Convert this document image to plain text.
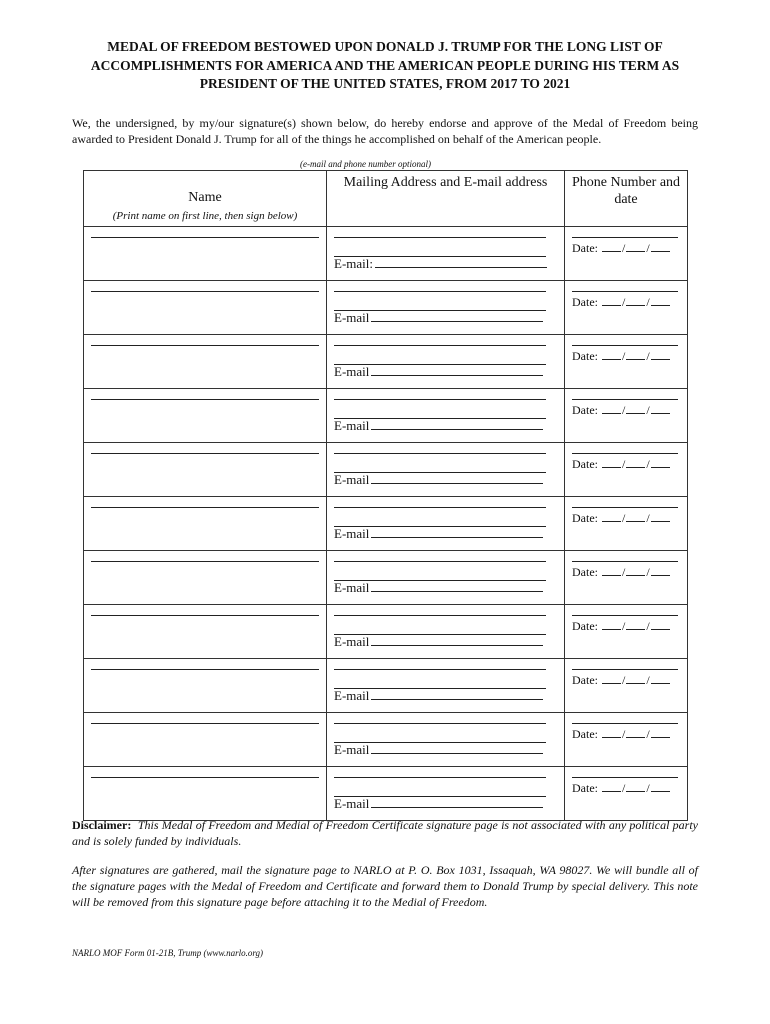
MEDAL OF FREEDOM BESTOWED UPON DONALD J. TRUMP FOR THE LONG LIST OF ACCOMPLISHMENTS FOR AMERICA AND THE AMERICAN PEOPLE DURING HIS TERM AS PRESIDENT OF THE UNITED STATES, FROM 2017 TO 2021
We, the undersigned, by my/our signature(s) shown below, do hereby endorse and approve of the Medal of Freedom being awarded to President Donald J. Trump for all of the things he accomplished on behalf of the American people.
(e-mail and phone number optional)
Name
(Print name on first line, then sign below)	Mailing Address and E-mail address	Phone Number and date

	E-mail:	Date: / /

	E-mail	Date: / /

	E-mail	Date: / /

	E-mail	Date: / /

	E-mail	Date: / /

	E-mail	Date: / /

	E-mail	Date: / /

	E-mail	Date: / /

	E-mail	Date: / /

	E-mail	Date: / /

	E-mail	Date: / /
Disclaimer: This Medal of Freedom and Medial of Freedom Certificate signature page is not associated with any political party and is solely funded by individuals.
After signatures are gathered, mail the signature page to NARLO at P. O. Box 1031, Issaquah, WA 98027. We will bundle all of the signature pages with the Medal of Freedom and Certificate and forward them to Donald Trump by special delivery. This note will be removed from this signature page before attaching it to the Medial of Freedom.
NARLO MOF Form 01-21B, Trump (www.narlo.org)
